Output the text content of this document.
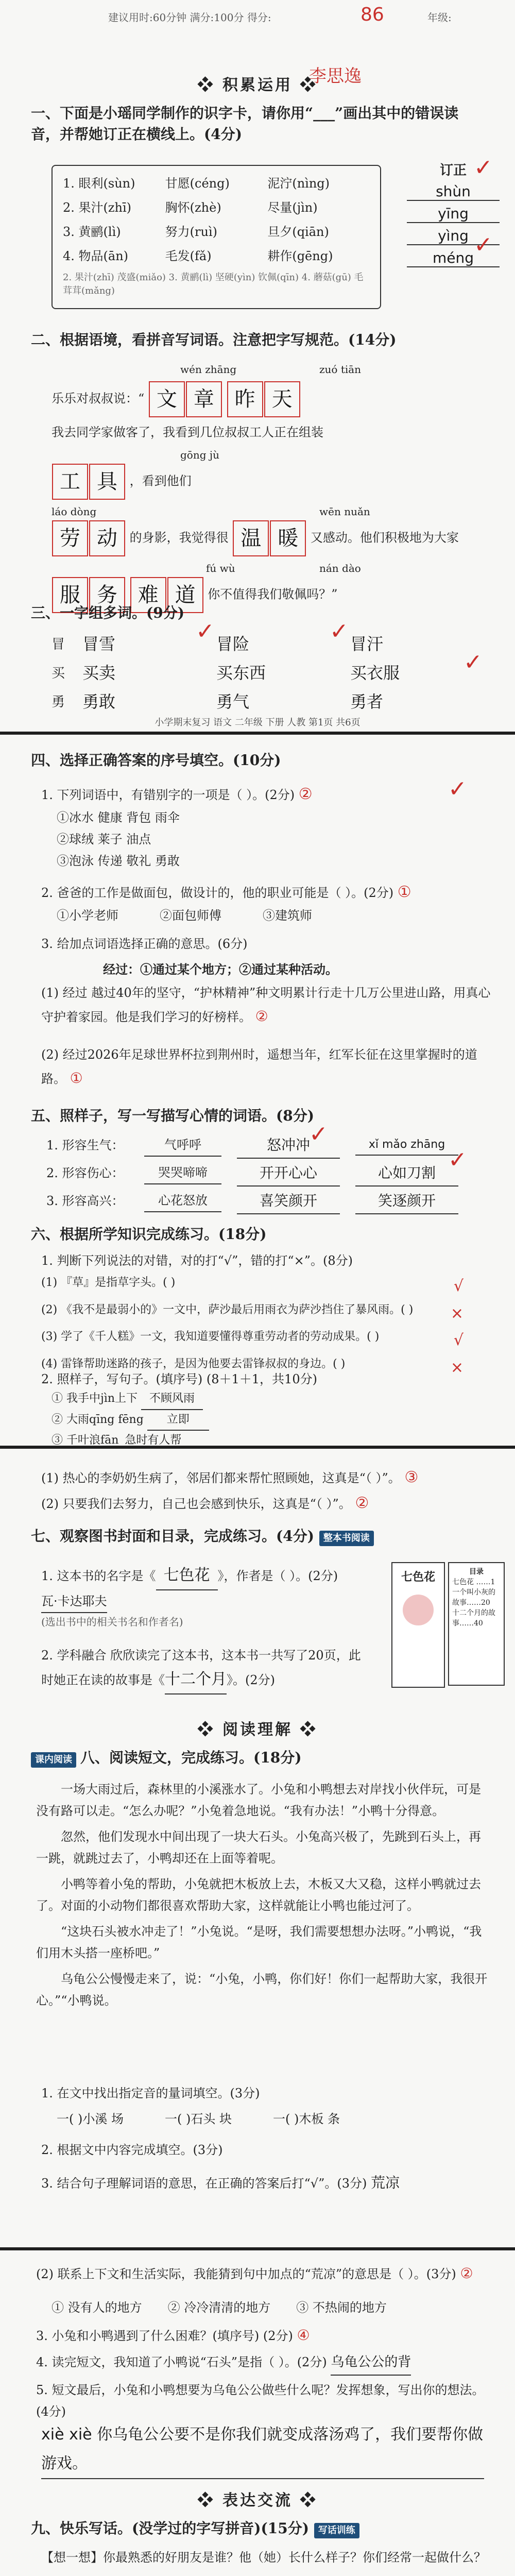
建议用时:60分钟 满分:100分 得分:	年级:
86
李思逸
❖ 积累运用 ❖
一、下面是小瑶同学制作的识字卡，请你用“___”画出其中的错误读音，并帮她订正在横线上。(4分)
1. 眼利(sùn)	甘愿(céng)	泥泞(nìng)
2. 果汁(zhī)	胸怀(zhè)	尽量(jìn)
3. 黄鹂(lì)	努力(ruì)	旦夕(qiān)
4. 物品(ān)	毛发(fǎ)	耕作(gēng)
2. 果汁(zhī) 茂盛(miǎo) 3. 黄鹂(lì) 坚硬(yìn) 钦佩(qīn) 4. 蘑菇(gū) 毛茸茸(mǎng)
订正
shùn
yīng
yìng
méng
✓
✓
二、根据语境，看拼音写词语。注意把字写规范。(14分)
wén zhāng	zuó tiān
乐乐对叔叔说：“ 文 章 昨 天
我去同学家做客了，我看到几位叔叔工人正在组装
gōng jù
工 具 ，看到他们
láo dòng	wēn nuǎn
劳 动 的身影，我觉得很 温 暖 又感动。他们积极地为大家
fú wù	nán dào
服 务 难 道 你不值得我们敬佩吗？”
三、一字组多词。(9分)
冒	冒雪	冒险	冒汗
买	买卖	买东西	买衣服
勇	勇敢	勇气	勇者
✓	✓
✓
小学期末复习 语文 二年级 下册 人教 第1页 共6页
四、选择正确答案的序号填空。(10分)
1. 下列词语中，有错别字的一项是（ ）。(2分) ②
①冰水 健康 背包 雨伞
②球绒 莱子 油点
③泡泳 传递 敬礼 勇敢
✓
2. 爸爸的工作是做面包，做设计的，他的职业可能是（ ）。(2分) ①
①小学老师	②面包师傅	③建筑师
3. 给加点词语选择正确的意思。(6分)
经过：①通过某个地方；②通过某种活动。
(1) 经过 越过40年的坚守，“护林精神”种文明累计行走十几万公里进山路，用真心守护着家园。他是我们学习的好榜样。 ②
(2) 经过2026年足球世界杯拉到荆州时，遥想当年，红军长征在这里掌握时的道路。 ①
五、照样子，写一写描写心情的词语。(8分)
1. 形容生气：	气呼呼	怒冲冲	xǐ mǎo zhāng
2. 形容伤心：	哭哭啼啼	开开心心	心如刀割
3. 形容高兴：	心花怒放	喜笑颜开	笑逐颜开
✓
✓
六、根据所学知识完成练习。(18分)
1. 判断下列说法的对错，对的打“√”，错的打“×”。(8分)
(1) 『草』是指草字头。( )	√
(2) 《我不是最弱小的》一文中，萨沙最后用雨衣为萨沙挡住了暴风雨。( ) ×
(3) 学了《千人糕》一文，我知道要懂得尊重劳动者的劳动成果。( )	√
(4) 雷锋帮助迷路的孩子，是因为他要去雷锋叔叔的身边。( )	×
2. 照样子，写句子。(填序号) (8＋1＋1，共10分)
① 我手中jìn上下 不顾风雨
② 大雨qīng fēng 立即
③ 千叶浪fān 急时有人帮
(1) 热心的李奶奶生病了，邻居们都来帮忙照顾她，这真是“（ ）”。 ③
(2) 只要我们去努力，自己也会感到快乐，这真是“（ ）”。 ②
七、观察图书封面和目录，完成练习。(4分) 整本书阅读
1. 这本书的名字是《 七色花 》，作者是（ ）。(2分) 瓦·卡达耶夫
(选出书中的相关书名和作者名)
2. 学科融合 欣欣读完了这本书，这本书一共写了20页，此时她正在读的故事是《十二个月》。(2分)
七色花	目录
七色花 ……1
一个叫小灰的故事……20
十二个月的故事……40
❖ 阅读理解 ❖
课内阅读 八、阅读短文，完成练习。(18分)

一场大雨过后，森林里的小溪涨水了。小兔和小鸭想去对岸找小伙伴玩，可是没有路可以走。“怎么办呢？”小兔着急地说。“我有办法！”小鸭十分得意。

忽然，他们发现水中间出现了一块大石头。小兔高兴极了，先跳到石头上，再一跳，就跳过去了，小鸭却还在上面等着呢。

小鸭等着小兔的帮助，小兔就把木板放上去，木板又大又稳，这样小鸭就过去了。对面的小动物们都很喜欢帮助大家，这样就能让小鸭也能过河了。

“这块石头被水冲走了！”小兔说。“是呀，我们需要想想办法呀。”小鸭说，“我们用木头搭一座桥吧。”

乌龟公公慢慢走来了，说：“小兔，小鸭，你们好！你们一起帮助大家，我很开心。”“小鸭说。

1. 在文中找出指定音的量词填空。(3分)
一( )小溪 场	一( )石头 块	一( )木板 条
2. 根据文中内容完成填空。(3分)
3. 结合句子理解词语的意思，在正确的答案后打“√”。(3分) 荒凉
(2) 联系上下文和生活实际，我能猜到句中加点的“荒凉”的意思是（ ）。(3分) ②
① 没有人的地方 ② 冷冷清清的地方 ③ 不热闹的地方
3. 小兔和小鸭遇到了什么困难？(填序号) (2分) ④
4. 读完短文，我知道了小鸭说“石头”是指（ ）。(2分) 乌龟公公的背
5. 短文最后，小兔和小鸭想要为乌龟公公做些什么呢？发挥想象，写出你的想法。(4分)
xiè xiè 你乌龟公公要不是你我们就变成落汤鸡了，我们要帮你做游戏。
❖ 表达交流 ❖
九、快乐写话。(没学过的字写拼音)(15分) 写话训练
【想一想】你最熟悉的好朋友是谁？他（她）长什么样子？你们经常一起做什么？
